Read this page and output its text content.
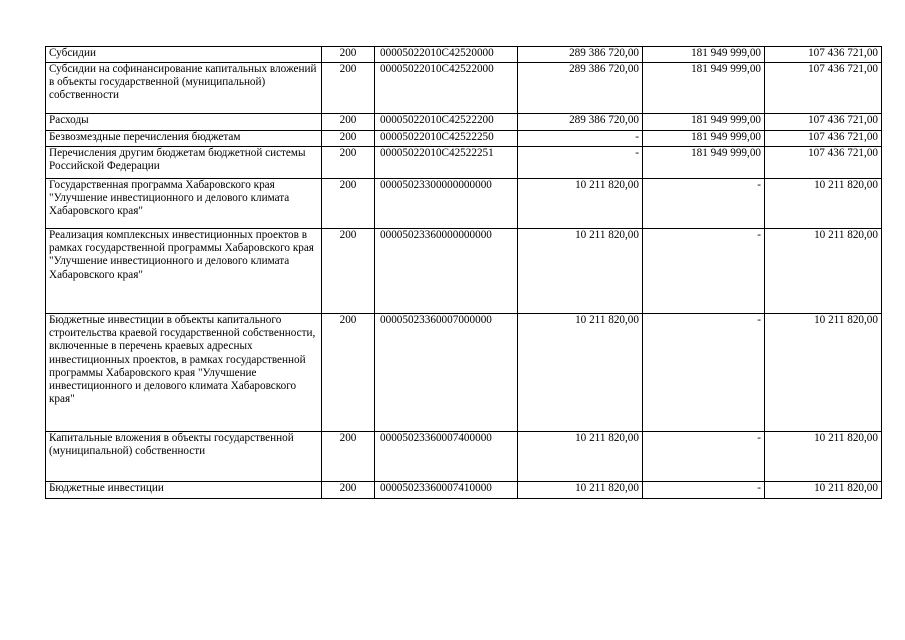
Субсидии	200	00005022010C42520000	289 386 720,00	181 949 999,00	107 436 721,00
Субсидии на софинансирование капитальных вложений в объекты государственной (муниципальной) собственности	200	00005022010C42522000	289 386 720,00	181 949 999,00	107 436 721,00
Расходы	200	00005022010C42522200	289 386 720,00	181 949 999,00	107 436 721,00
Безвозмездные перечисления бюджетам	200	00005022010C42522250	-	181 949 999,00	107 436 721,00
Перечисления другим бюджетам бюджетной системы Российской Федерации	200	00005022010C42522251	-	181 949 999,00	107 436 721,00
Государственная программа Хабаровского края "Улучшение инвестиционного и делового климата Хабаровского края"	200	00005023300000000000	10 211 820,00	-	10 211 820,00
Реализация комплексных инвестиционных проектов в рамках государственной программы Хабаровского края "Улучшение инвестиционного и делового климата Хабаровского края"	200	00005023360000000000	10 211 820,00	-	10 211 820,00
Бюджетные инвестиции в объекты капитального строительства краевой государственной собственности, включенные в перечень краевых адресных инвестиционных проектов, в рамках государственной программы Хабаровского края "Улучшение инвестиционного и делового климата Хабаровского края"	200	00005023360007000000	10 211 820,00	-	10 211 820,00
Капитальные вложения в объекты государственной (муниципальной) собственности	200	00005023360007400000	10 211 820,00	-	10 211 820,00
Бюджетные инвестиции	200	00005023360007410000	10 211 820,00	-	10 211 820,00
